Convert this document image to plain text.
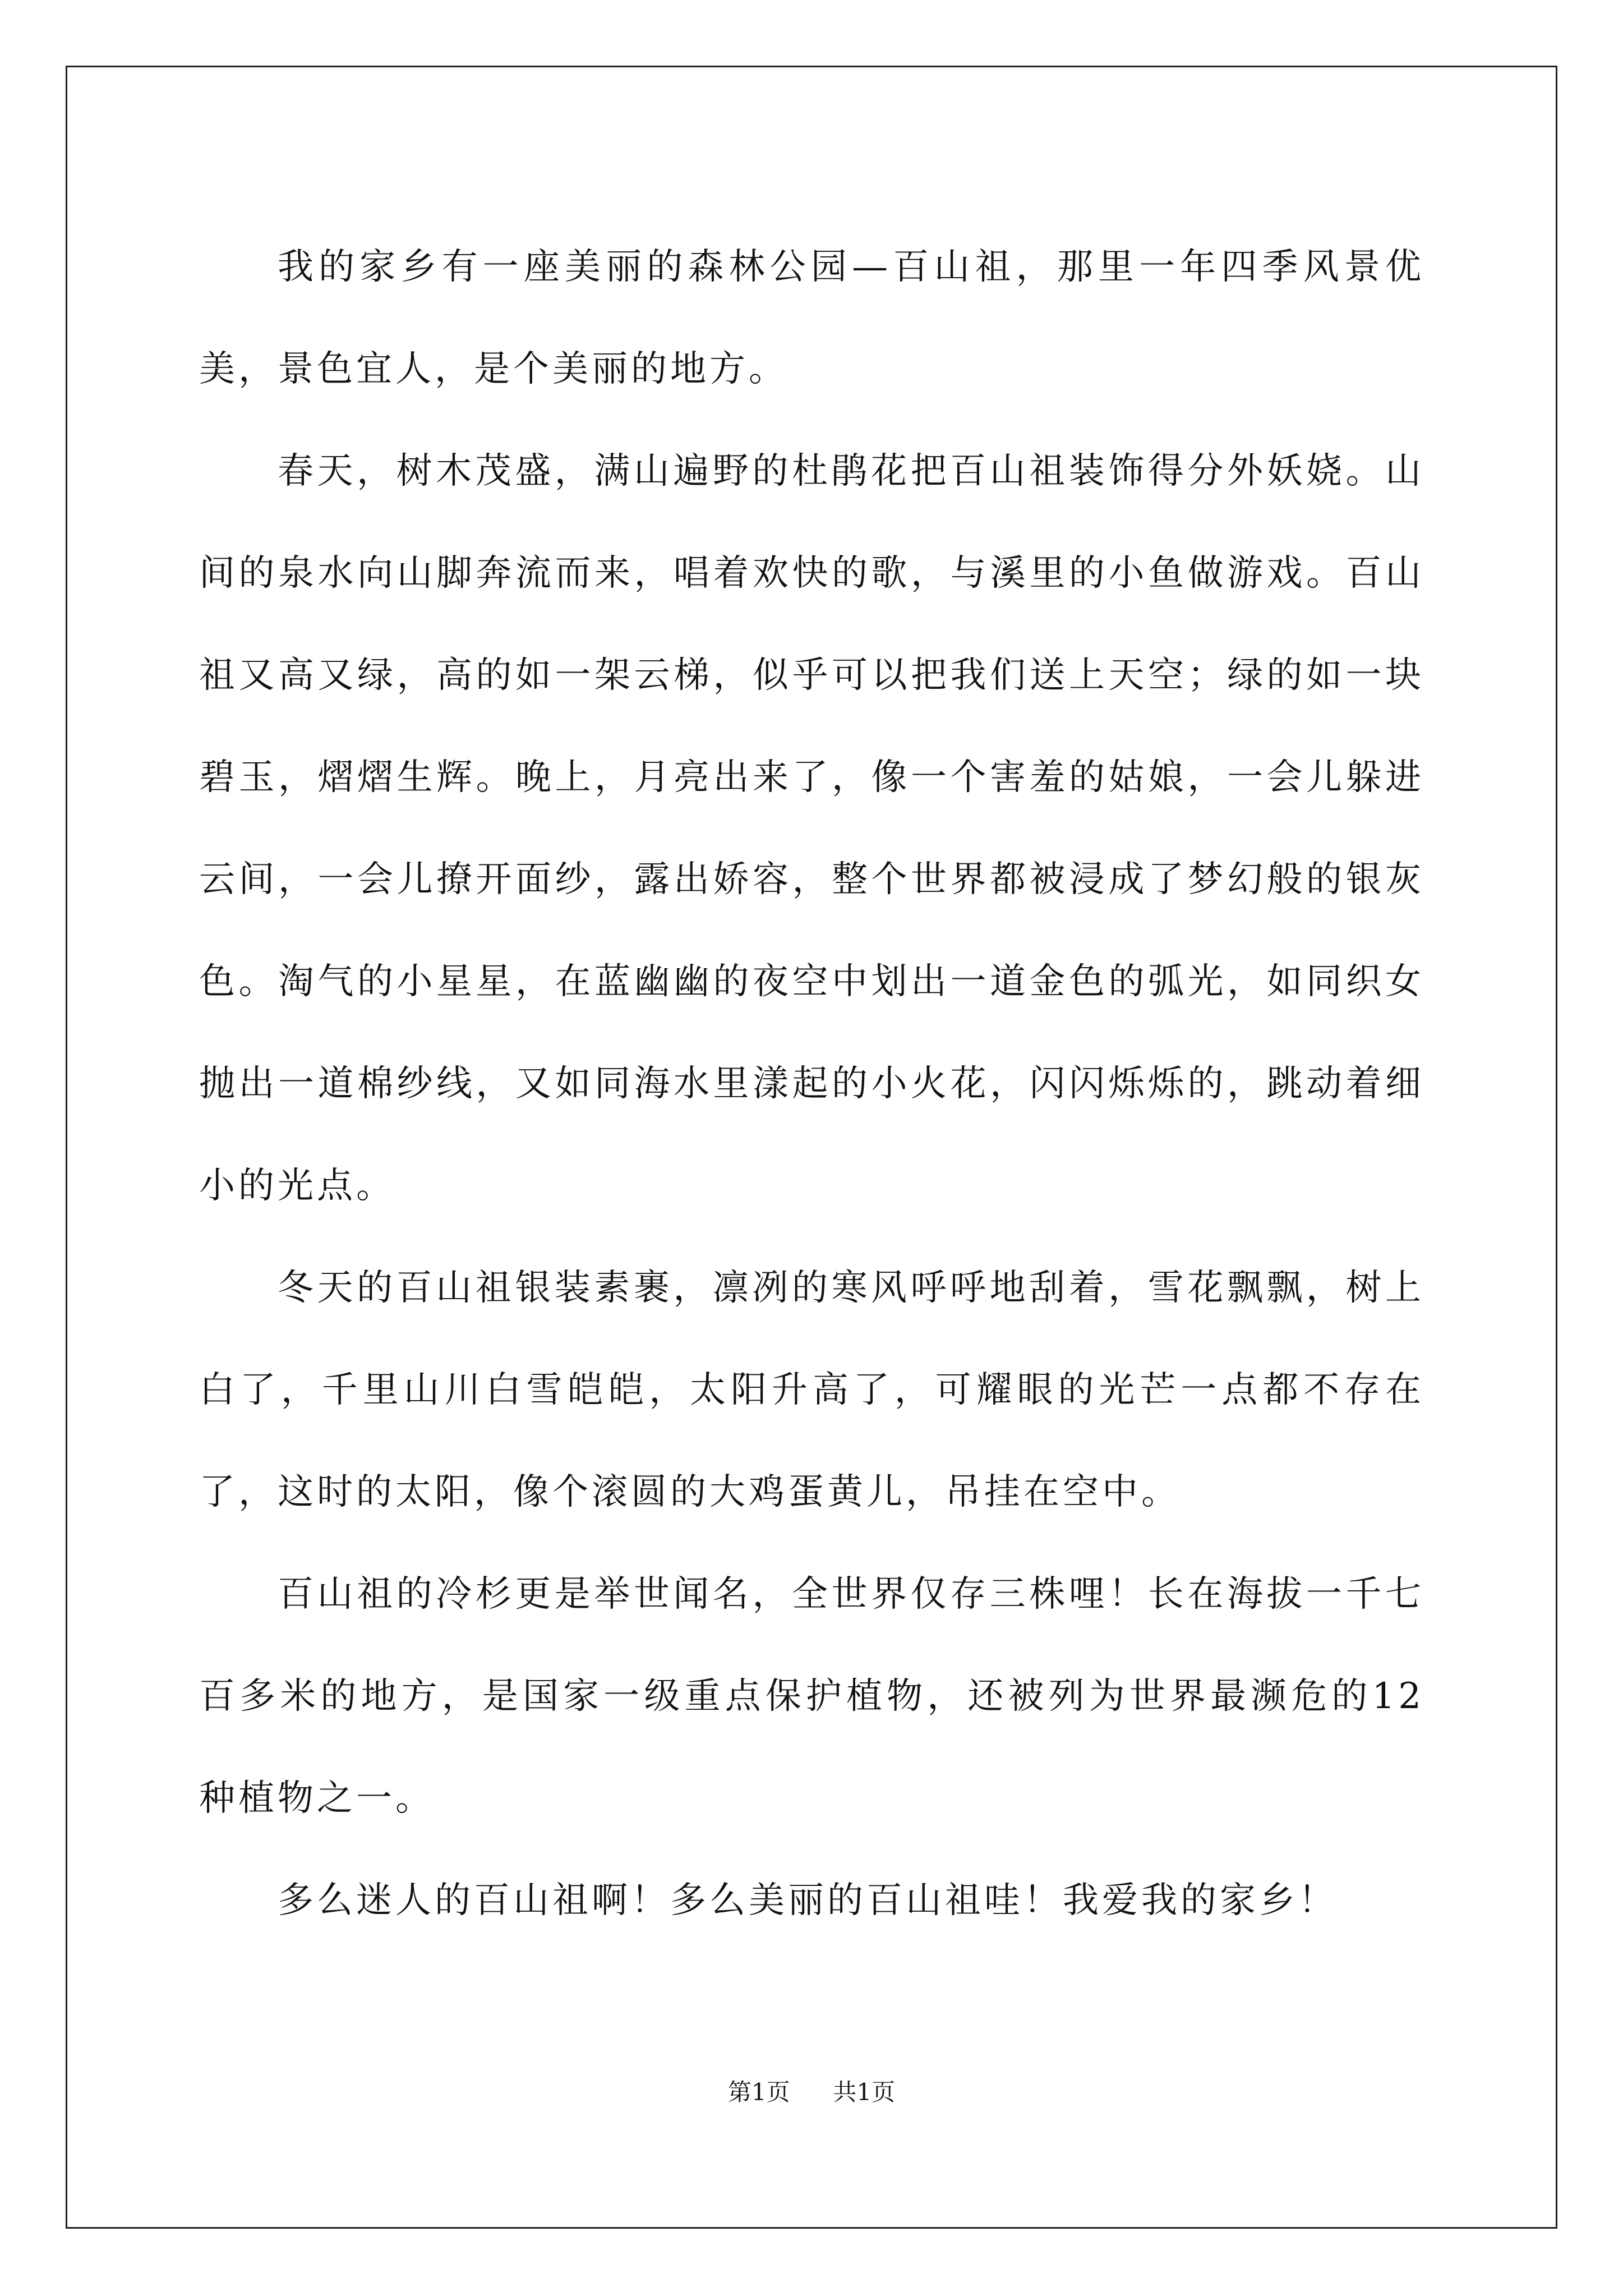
我的家乡有一座美丽的森林公园—百山祖，那里一年四季风景优美，景色宜人，是个美丽的地方。

春天，树木茂盛，满山遍野的杜鹃花把百山祖装饰得分外妖娆。山间的泉水向山脚奔流而来，唱着欢快的歌，与溪里的小鱼做游戏。百山祖又高又绿，高的如一架云梯，似乎可以把我们送上天空；绿的如一块碧玉，熠熠生辉。晚上，月亮出来了，像一个害羞的姑娘，一会儿躲进云间，一会儿撩开面纱，露出娇容，整个世界都被浸成了梦幻般的银灰色。淘气的小星星，在蓝幽幽的夜空中划出一道金色的弧光，如同织女抛出一道棉纱线，又如同海水里漾起的小火花，闪闪烁烁的，跳动着细小的光点。

冬天的百山祖银装素裹，凛冽的寒风呼呼地刮着，雪花飘飘，树上白了，千里山川白雪皑皑，太阳升高了，可耀眼的光芒一点都不存在了，这时的太阳，像个滚圆的大鸡蛋黄儿，吊挂在空中。

百山祖的冷杉更是举世闻名，全世界仅存三株哩！长在海拔一千七百多米的地方，是国家一级重点保护植物，还被列为世界最濒危的12种植物之一。

多么迷人的百山祖啊！多么美丽的百山祖哇！我爱我的家乡！

第1页 共1页
